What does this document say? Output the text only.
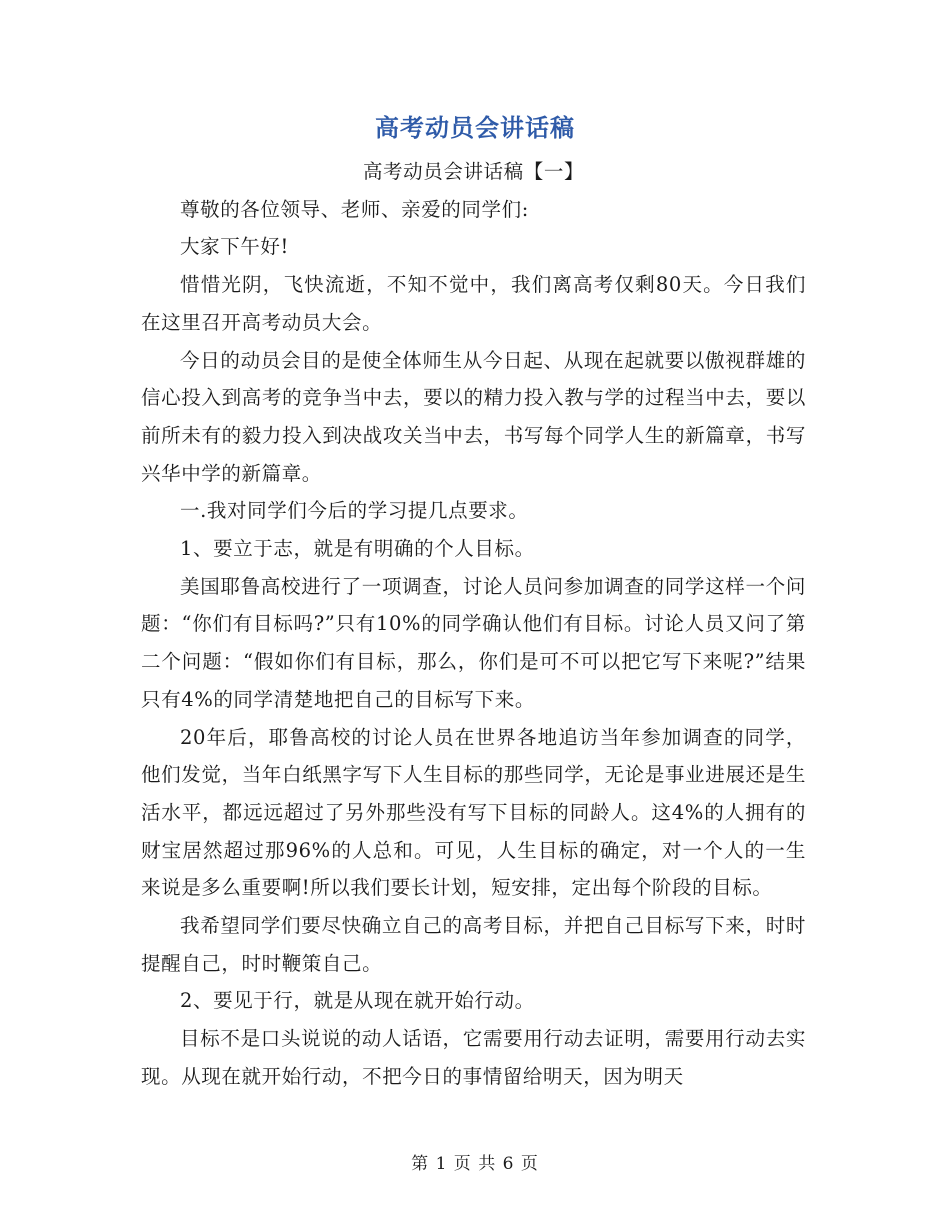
高考动员会讲话稿

高考动员会讲话稿【一】

尊敬的各位领导、老师、亲爱的同学们:

大家下午好!

惜惜光阴，飞快流逝，不知不觉中，我们离高考仅剩80天。今日我们在这里召开高考动员大会。

今日的动员会目的是使全体师生从今日起、从现在起就要以傲视群雄的信心投入到高考的竞争当中去，要以的精力投入教与学的过程当中去，要以前所未有的毅力投入到决战攻关当中去，书写每个同学人生的新篇章，书写兴华中学的新篇章。

一.我对同学们今后的学习提几点要求。

1、要立于志，就是有明确的个人目标。

美国耶鲁高校进行了一项调查，讨论人员问参加调查的同学这样一个问题：“你们有目标吗?”只有10%的同学确认他们有目标。讨论人员又问了第二个问题：“假如你们有目标，那么，你们是可不可以把它写下来呢?”结果只有4%的同学清楚地把自己的目标写下来。

20年后，耶鲁高校的讨论人员在世界各地追访当年参加调查的同学，他们发觉，当年白纸黑字写下人生目标的那些同学，无论是事业进展还是生活水平，都远远超过了另外那些没有写下目标的同龄人。这4%的人拥有的财宝居然超过那96%的人总和。可见，人生目标的确定，对一个人的一生来说是多么重要啊!所以我们要长计划，短安排，定出每个阶段的目标。

我希望同学们要尽快确立自己的高考目标，并把自己目标写下来，时时提醒自己，时时鞭策自己。

2、要见于行，就是从现在就开始行动。

目标不是口头说说的动人话语，它需要用行动去证明，需要用行动去实现。从现在就开始行动，不把今日的事情留给明天，因为明天

第 1 页 共 6 页
